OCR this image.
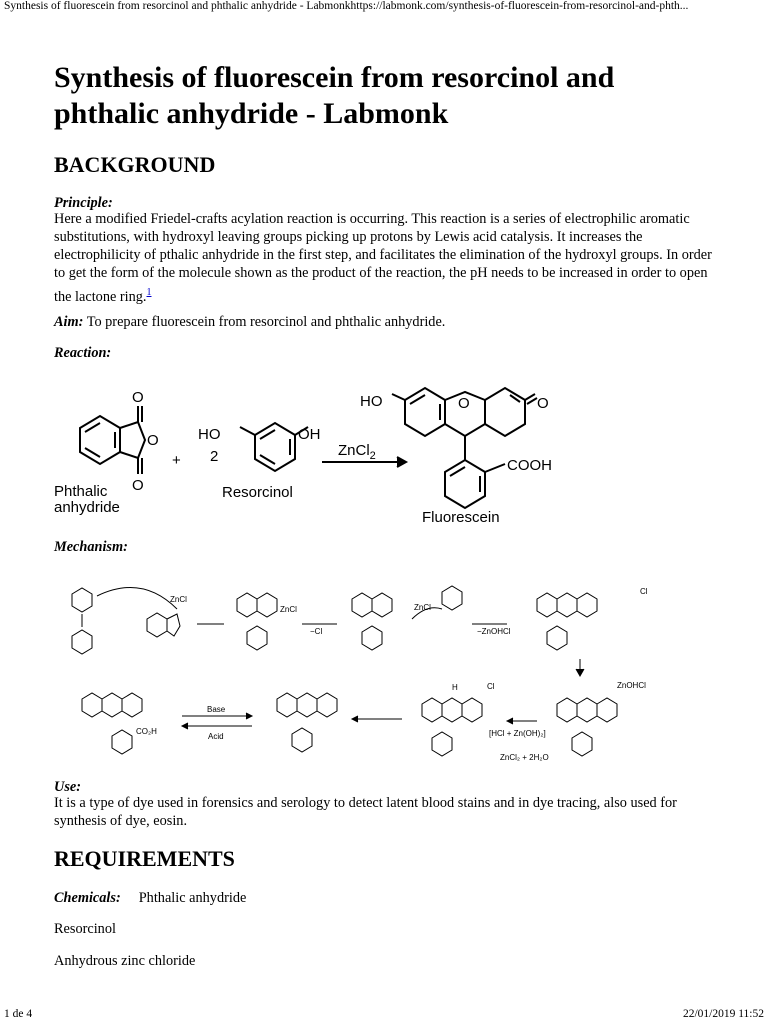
Synthesis of fluorescein from resorcinol and phthalic anhydride - Labmonkhttps://labmonk.com/synthesis-of-fluorescein-from-resorcinol-and-phth...
Synthesis of fluorescein from resorcinol and phthalic anhydride - Labmonk
BACKGROUND
Principle:

Here a modified Friedel-crafts acylation reaction is occurring. This reaction is a series of electrophilic aromatic substitutions, with hydroxyl leaving groups picking up protons by Lewis acid catalysis. It increases the electrophilicity of pthalic anhydride in the first step, and facilitates the elimination of the hydroxyl groups. In order to get the form of the molecule shown as the product of the reaction, the pH needs to be increased in order to open the lactone ring.$^1$

Aim: To prepare fluorescein from resorcinol and phthalic anhydride.

Reaction:
O
O
O
Phthalic
anhydride
+
HO
2
OH
Resorcinol
ZnCl$_2$
HO	O	O
COOH
Fluorescein
Mechanism:
ZnCl
ZnCl
−Cl
ZnCl
−ZnOHCl
Cl
ZnOHCl
Cl
H
[HCl + Zn(OH)₂]
ZnCl₂ + 2H₂O
Base
Acid
CO₂H
Use:

It is a type of dye used in forensics and serology to detect latent blood stains and in dye tracing, also used for synthesis of dye, eosin.

REQUIREMENTS

Chemicals: Phthalic anhydride

Resorcinol

Anhydrous zinc chloride

1 de 4	22/01/2019 11:52
